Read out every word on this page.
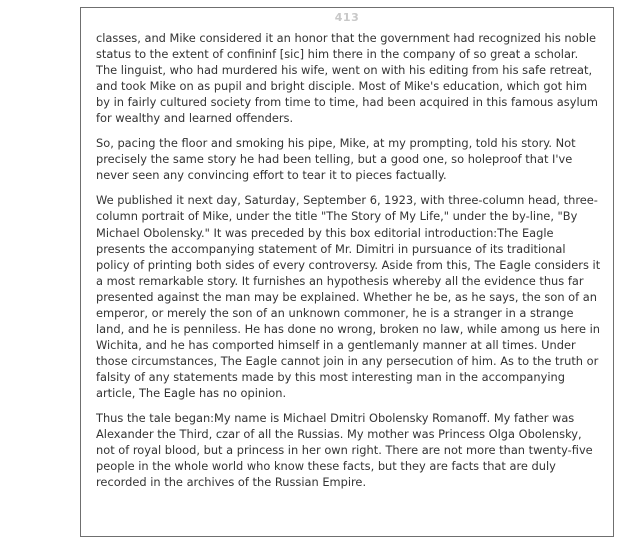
413

classes, and Mike considered it an honor that the government had recognized his noble status to the extent of confininf [sic] him there in the company of so great a scholar. The linguist, who had murdered his wife, went on with his editing from his safe retreat, and took Mike on as pupil and bright disciple. Most of Mike's education, which got him by in fairly cultured society from time to time, had been acquired in this famous asylum for wealthy and learned offenders.

So, pacing the floor and smoking his pipe, Mike, at my prompting, told his story. Not precisely the same story he had been telling, but a good one, so holeproof that I've never seen any convincing effort to tear it to pieces factually.

We published it next day, Saturday, September 6, 1923, with three-column head, three-column portrait of Mike, under the title "The Story of My Life," under the by-line, "By Michael Obolensky." It was preceded by this box editorial introduction:The Eagle presents the accompanying statement of Mr. Dimitri in pursuance of its traditional policy of printing both sides of every controversy. Aside from this, The Eagle considers it a most remarkable story. It furnishes an hypothesis whereby all the evidence thus far presented against the man may be explained. Whether he be, as he says, the son of an emperor, or merely the son of an unknown commoner, he is a stranger in a strange land, and he is penniless. He has done no wrong, broken no law, while among us here in Wichita, and he has comported himself in a gentlemanly manner at all times. Under those circumstances, The Eagle cannot join in any persecution of him. As to the truth or falsity of any statements made by this most interesting man in the accompanying article, The Eagle has no opinion.

Thus the tale began:My name is Michael Dmitri Obolensky Romanoff. My father was Alexander the Third, czar of all the Russias. My mother was Princess Olga Obolensky, not of royal blood, but a princess in her own right. There are not more than twenty-five people in the whole world who know these facts, but they are facts that are duly recorded in the archives of the Russian Empire.
